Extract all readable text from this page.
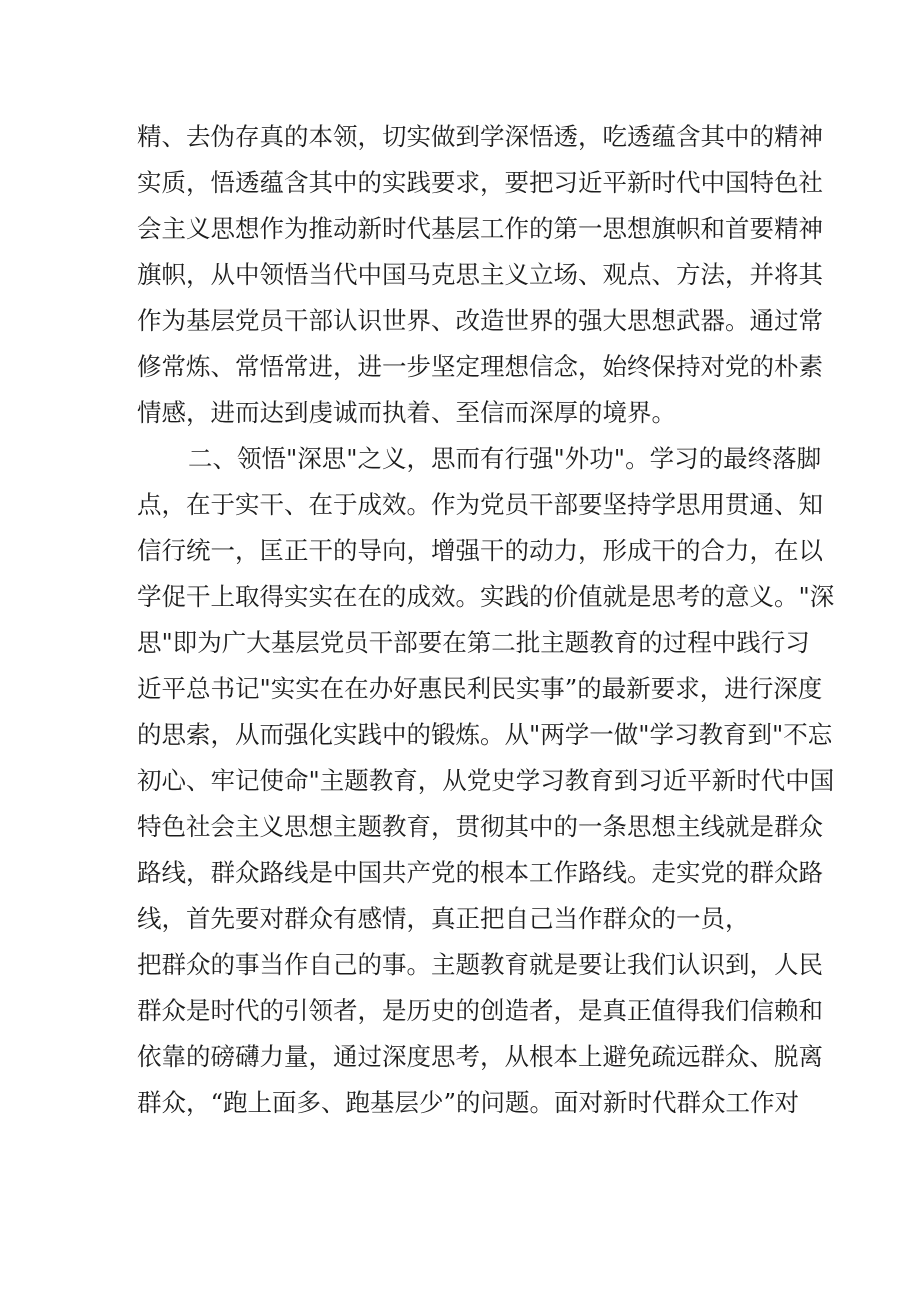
精、去伪存真的本领，切实做到学深悟透，吃透蕴含其中的精神
实质，悟透蕴含其中的实践要求，要把习近平新时代中国特色社
会主义思想作为推动新时代基层工作的第一思想旗帜和首要精神
旗帜，从中领悟当代中国马克思主义立场、观点、方法，并将其
作为基层党员干部认识世界、改造世界的强大思想武器。通过常
修常炼、常悟常进，进一步坚定理想信念，始终保持对党的朴素
情感，进而达到虔诚而执着、至信而深厚的境界。
二、领悟"深思"之义，思而有行强"外功"。学习的最终落脚
点，在于实干、在于成效。作为党员干部要坚持学思用贯通、知
信行统一，匡正干的导向，增强干的动力，形成干的合力，在以
学促干上取得实实在在的成效。实践的价值就是思考的意义。"深
思"即为广大基层党员干部要在第二批主题教育的过程中践行习
近平总书记"实实在在办好惠民利民实事”的最新要求，进行深度
的思索，从而强化实践中的锻炼。从"两学一做"学习教育到"不忘
初心、牢记使命"主题教育，从党史学习教育到习近平新时代中国
特色社会主义思想主题教育，贯彻其中的一条思想主线就是群众
路线，群众路线是中国共产党的根本工作路线。走实党的群众路
线，首先要对群众有感情，真正把自己当作群众的一员，
把群众的事当作自己的事。主题教育就是要让我们认识到，人民
群众是时代的引领者，是历史的创造者，是真正值得我们信赖和
依靠的磅礴力量，通过深度思考，从根本上避免疏远群众、脱离
群众，“跑上面多、跑基层少”的问题。面对新时代群众工作对
